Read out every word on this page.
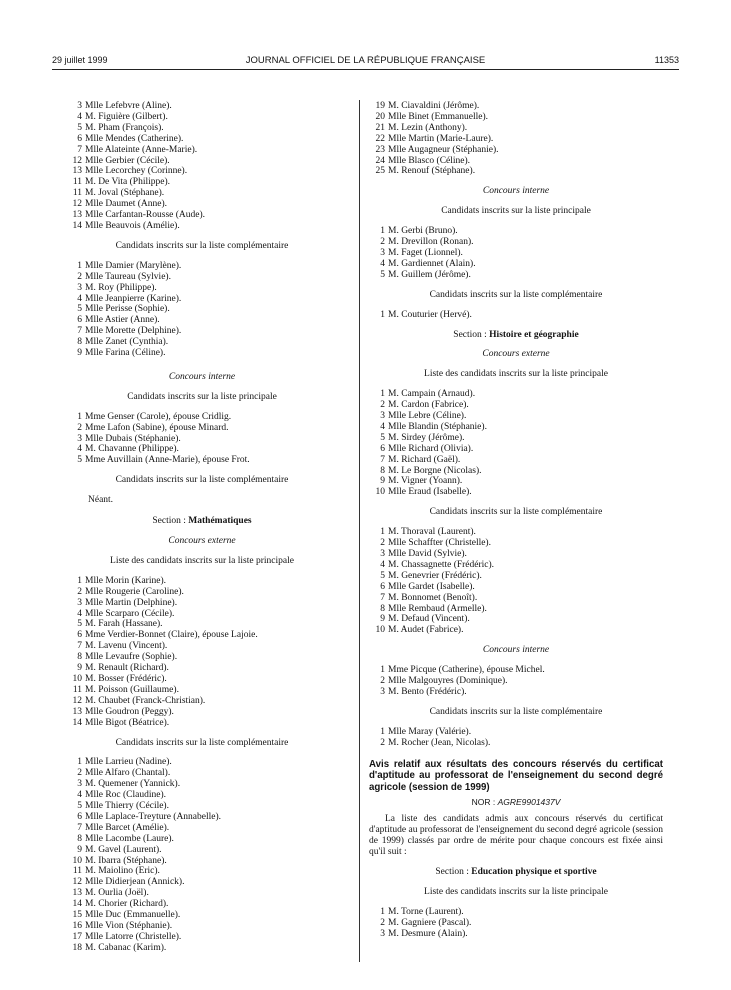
29 juillet 1999	JOURNAL OFFICIEL DE LA RÉPUBLIQUE FRANÇAISE	11353
3 Mlle Lefebvre (Aline).
4 M. Figuière (Gilbert).
5 M. Pham (François).
6 Mlle Mendes (Catherine).
7 Mlle Alateinte (Anne-Marie).
12 Mlle Gerbier (Cécile).
13 Mlle Lecorchey (Corinne).
11 M. De Vita (Philippe).
11 M. Joval (Stéphane).
12 Mlle Daumet (Anne).
13 Mlle Carfantan-Rousse (Aude).
14 Mlle Beauvois (Amélie).
Candidats inscrits sur la liste complémentaire
1 Mlle Damier (Marylène).
2 Mlle Taureau (Sylvie).
3 M. Roy (Philippe).
4 Mlle Jeanpierre (Karine).
5 Mlle Perisse (Sophie).
6 Mlle Astier (Anne).
7 Mlle Morette (Delphine).
8 Mlle Zanet (Cynthia).
9 Mlle Farina (Céline).
Concours interne
Candidats inscrits sur la liste principale
1 Mme Genser (Carole), épouse Cridlig.
2 Mme Lafon (Sabine), épouse Minard.
3 Mlle Dubais (Stéphanie).
4 M. Chavanne (Philippe).
5 Mme Auvillain (Anne-Marie), épouse Frot.
Candidats inscrits sur la liste complémentaire
Néant.
Section : Mathématiques
Concours externe
Liste des candidats inscrits sur la liste principale
1 Mlle Morin (Karine).
2 Mlle Rougerie (Caroline).
3 Mlle Martin (Delphine).
4 Mlle Scarparo (Cécile).
5 M. Farah (Hassane).
6 Mme Verdier-Bonnet (Claire), épouse Lajoie.
7 M. Lavenu (Vincent).
8 Mlle Levaufre (Sophie).
9 M. Renault (Richard).
10 M. Bosser (Frédéric).
11 M. Poisson (Guillaume).
12 M. Chaubet (Franck-Christian).
13 Mlle Goudron (Peggy).
14 Mlle Bigot (Béatrice).
Candidats inscrits sur la liste complémentaire
1 Mlle Larrieu (Nadine).
2 Mlle Alfaro (Chantal).
3 M. Quemener (Yannick).
4 Mlle Roc (Claudine).
5 Mlle Thierry (Cécile).
6 Mlle Laplace-Treyture (Annabelle).
7 Mlle Barcet (Amélie).
8 Mlle Lacombe (Laure).
9 M. Gavel (Laurent).
10 M. Ibarra (Stéphane).
11 M. Maiolino (Eric).
12 Mlle Didierjean (Annick).
13 M. Ourlia (Joël).
14 M. Chorier (Richard).
15 Mlle Duc (Emmanuelle).
16 Mlle Vion (Stéphanie).
17 Mlle Latorre (Christelle).
18 M. Cabanac (Karim).
19 M. Ciavaldini (Jérôme).
20 Mlle Binet (Emmanuelle).
21 M. Lezin (Anthony).
22 Mlle Martin (Marie-Laure).
23 Mlle Augagneur (Stéphanie).
24 Mlle Blasco (Céline).
25 M. Renouf (Stéphane).
Concours interne
Candidats inscrits sur la liste principale
1 M. Gerbi (Bruno).
2 M. Drevillon (Ronan).
3 M. Faget (Lionnel).
4 M. Gardiennet (Alain).
5 M. Guillem (Jérôme).
Candidats inscrits sur la liste complémentaire
1 M. Couturier (Hervé).
Section : Histoire et géographie
Concours externe
Liste des candidats inscrits sur la liste principale
1 M. Campain (Arnaud).
2 M. Cardon (Fabrice).
3 Mlle Lebre (Céline).
4 Mlle Blandin (Stéphanie).
5 M. Sirdey (Jérôme).
6 Mlle Richard (Olivia).
7 M. Richard (Gaël).
8 M. Le Borgne (Nicolas).
9 M. Vigner (Yoann).
10 Mlle Eraud (Isabelle).
Candidats inscrits sur la liste complémentaire
1 M. Thoraval (Laurent).
2 Mlle Schaffter (Christelle).
3 Mlle David (Sylvie).
4 M. Chassagnette (Frédéric).
5 M. Genevrier (Frédéric).
6 Mlle Gardet (Isabelle).
7 M. Bonnomet (Benoît).
8 Mlle Rembaud (Armelle).
9 M. Defaud (Vincent).
10 M. Audet (Fabrice).
Concours interne
1 Mme Picque (Catherine), épouse Michel.
2 Mlle Malgouyres (Dominique).
3 M. Bento (Frédéric).
Candidats inscrits sur la liste complémentaire
1 Mlle Maray (Valérie).
2 M. Rocher (Jean, Nicolas).
Avis relatif aux résultats des concours réservés du certificat d'aptitude au professorat de l'enseignement du second degré agricole (session de 1999)
NOR : AGRE9901437V
La liste des candidats admis aux concours réservés du certificat d'aptitude au professorat de l'enseignement du second degré agricole (session de 1999) classés par ordre de mérite pour chaque concours est fixée ainsi qu'il suit :
Section : Education physique et sportive
Liste des candidats inscrits sur la liste principale
1 M. Torne (Laurent).
2 M. Gagniere (Pascal).
3 M. Desmure (Alain).
